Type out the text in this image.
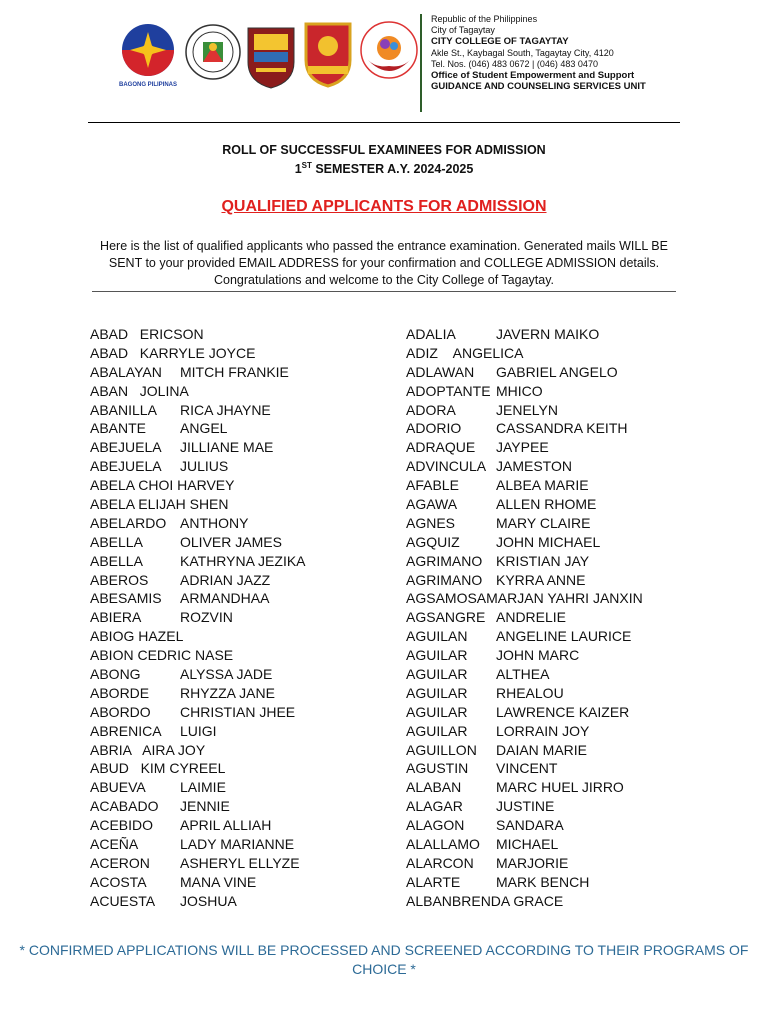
BAGONG PILIPINAS
Republic of the Philippines
City of Tagaytay
CITY COLLEGE OF TAGAYTAY
Akle St., Kaybagal South, Tagaytay City, 4120
Tel. Nos. (046) 483 0672 | (046) 483 0470
Office of Student Empowerment and Support
GUIDANCE AND COUNSELING SERVICES UNIT
ROLL OF SUCCESSFUL EXAMINEES FOR ADMISSION
1ST SEMESTER A.Y. 2024-2025
QUALIFIED APPLICANTS FOR ADMISSION
Here is the list of qualified applicants who passed the entrance examination. Generated mails WILL BE SENT to your provided EMAIL ADDRESS for your confirmation and COLLEGE ADMISSION details. Congratulations and welcome to the City College of Tagaytay.
ABAD   ERICSON
ABAD   KARRYLE JOYCE
ABALAYAN MITCH FRANKIE
ABAN   JOLINA
ABANILLA RICA JHAYNE
ABANTE ANGEL
ABEJUELA JILLIANE MAE
ABEJUELA JULIUS
ABELA CHOI HARVEY
ABELA ELIJAH SHEN
ABELARDO ANTHONY
ABELLA	OLIVER JAMES
ABELLA	KATHRYNA JEZIKA
ABEROS ADRIAN JAZZ
ABESAMIS ARMANDHAA
ABIERA	ROZVIN
ABIOG HAZEL
ABION CEDRIC NASE
ABONG	ALYSSA JADE
ABORDE RHYZZA JANE
ABORDO CHRISTIAN JHEE
ABRENICA LUIGI
ABRIA   AIRA JOY
ABUD   KIM CYREEL
ABUEVA LAIMIE
ACABADO JENNIE
ACEBIDO APRIL ALLIAH
ACEÑA	LADY MARIANNE
ACERON ASHERYL ELLYZE
ACOSTA MANA VINE
ACUESTA JOSHUA
ADALIA	JAVERN MAIKO
ADIZ    ANGELICA
ADLAWAN GABRIEL ANGELO
ADOPTANTE MHICO
ADORA	JENELYN
ADORIO CASSANDRA KEITH
ADRAQUE JAYPEE
ADVINCULA JAMESTON
AFABLE	ALBEA MARIE
AGAWA	ALLEN RHOME
AGNES	MARY CLAIRE
AGQUIZ	JOHN MICHAEL
AGRIMANO KRISTIAN JAY
AGRIMANO KYRRA ANNE
AGSAMOSAMARJAN YAHRI JANXIN
AGSANGRE ANDRELIE
AGUILAN ANGELINE LAURICE
AGUILAR JOHN MARC
AGUILAR ALTHEA
AGUILAR RHEALOU
AGUILAR LAWRENCE KAIZER
AGUILAR LORRAIN JOY
AGUILLON DAIAN MARIE
AGUSTIN VINCENT
ALABAN MARC HUEL JIRRO
ALAGAR JUSTINE
ALAGON SANDARA
ALALLAMO MICHAEL
ALARCON MARJORIE
ALARTE	MARK BENCH
ALBANBRENDA GRACE
* CONFIRMED APPLICATIONS WILL BE PROCESSED AND SCREENED ACCORDING TO THEIR PROGRAMS OF CHOICE *
